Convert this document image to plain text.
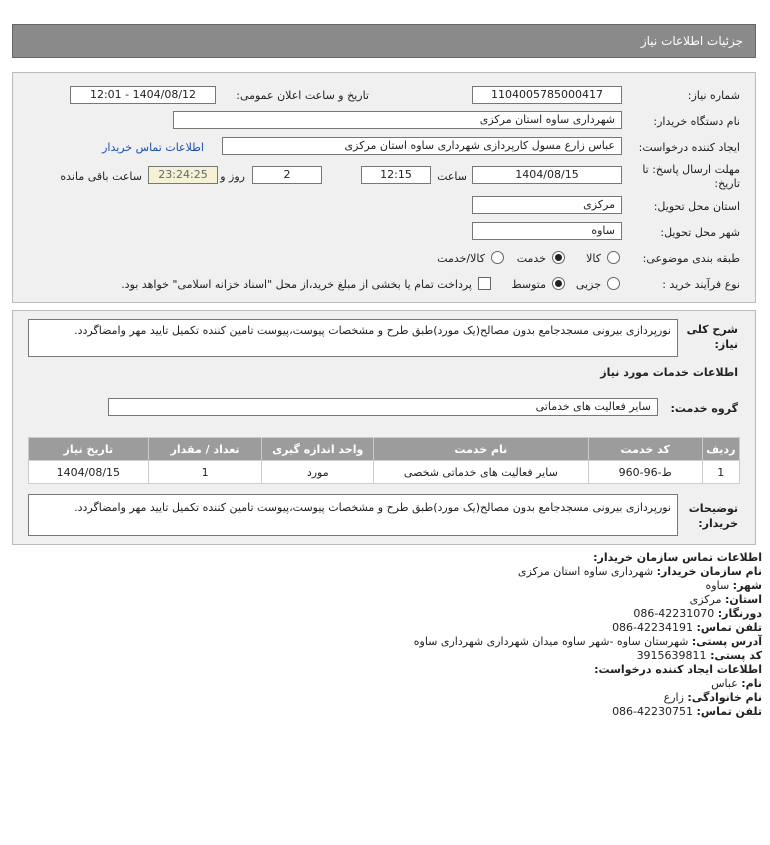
جزئیات اطلاعات نیاز
شماره نیاز:
1104005785000417
تاریخ و ساعت اعلان عمومی:
1404/08/12 - 12:01
نام دستگاه خریدار:
شهرداری ساوه استان مرکزی
ایجاد کننده درخواست:
عباس زارع مسول کارپردازی شهرداری ساوه استان مرکزی
اطلاعات تماس خریدار
مهلت ارسال پاسخ: تا
تاریخ:
1404/08/15
ساعت
12:15
2
روز و
23:24:25
ساعت باقی مانده
استان محل تحویل:
مرکزی
شهر محل تحویل:
ساوه
طبقه بندی موضوعی:
کالا
خدمت
کالا/خدمت
نوع فرآیند خرید :
جزیی
متوسط
پرداخت تمام یا بخشی از مبلغ خرید،از محل "اسناد خزانه اسلامی" خواهد بود.
شرح کلی
نیاز:
نورپردازی بیرونی مسجدجامع بدون مصالح(یک مورد)طبق طرح و مشخصات پیوست،پیوست تامین کننده تکمیل تایید مهر وامضاگردد.
اطلاعات خدمات مورد نیاز
گروه خدمت:
سایر فعالیت های خدماتی
ردیف	کد خدمت	نام خدمت	واحد اندازه گیری	تعداد / مقدار	تاریخ نیاز
1	ط-96-960	سایر فعالیت های خدماتی شخصی	مورد	1	1404/08/15
توضیحات
خریدار:
نورپردازی بیرونی مسجدجامع بدون مصالح(یک مورد)طبق طرح و مشخصات پیوست،پیوست تامین کننده تکمیل تایید مهر وامضاگردد.
اطلاعات تماس سازمان خریدار:
نام سازمان خریدار: شهرداری ساوه استان مرکزی
شهر: ساوه
استان: مرکزی
دورنگار: 086-42231070
تلفن تماس: 086-42234191
آدرس پستی: شهرستان ساوه -شهر ساوه میدان شهرداری شهرداری ساوه
کد پستی: 3915639811
اطلاعات ایجاد کننده درخواست:
نام: عباس
نام خانوادگی: زارع
تلفن تماس: 086-42230751
